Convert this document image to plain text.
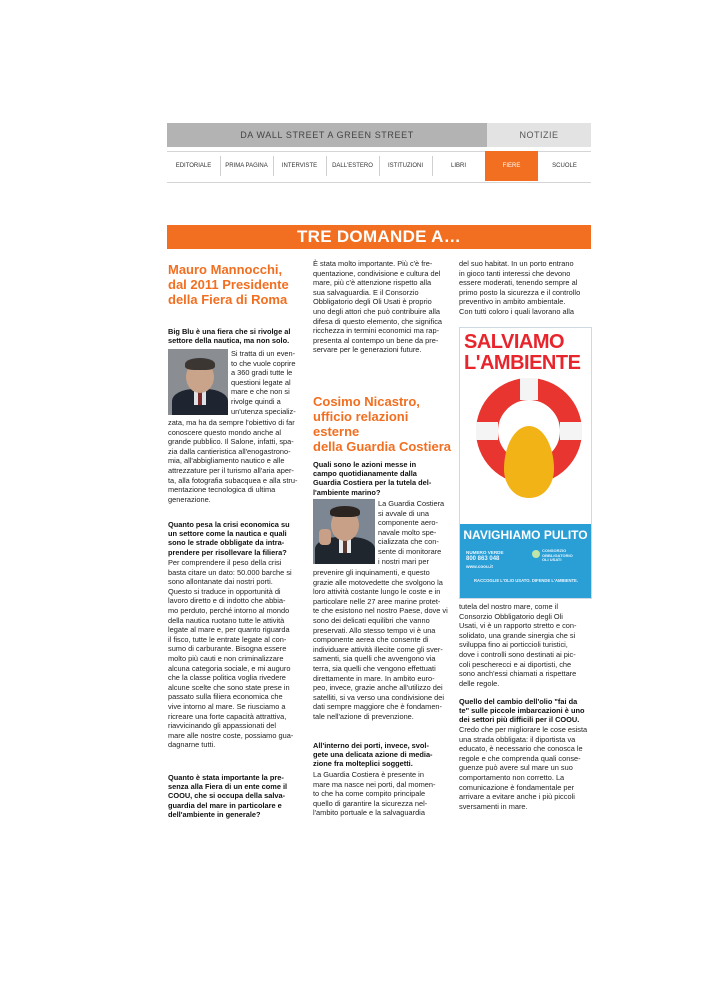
DA WALL STREET A GREEN STREET	NOTIZIE
EDITORIALE	PRIMA PAGINA	INTERVISTE	DALL'ESTERO	ISTITUZIONI	LIBRI	FIERE	SCUOLE
TRE DOMANDE A…
Mauro Mannocchi,
dal 2011 Presidente
della Fiera di Roma
Big Blu è una fiera che si rivolge al
settore della nautica, ma non solo.
Si tratta di un even-
to che vuole coprire
a 360 gradi tutte le
questioni legate al
mare e che non si
rivolge quindi a
un'utenza specializ-
zata, ma ha da sempre l'obiettivo di far
conoscere questo mondo anche al
grande pubblico. Il Salone, infatti, spa-
zia dalla cantieristica all'enogastrono-
mia, all'abbigliamento nautico e alle
attrezzature per il turismo all'aria aper-
ta, alla fotografia subacquea e alla stru-
mentazione tecnologica di ultima
generazione.
Quanto pesa la crisi economica su
un settore come la nautica e quali
sono le strade obbligate da intra-
prendere per risollevare la filiera?
Per comprendere il peso della crisi
basta citare un dato: 50.000 barche si
sono allontanate dai nostri porti.
Questo si traduce in opportunità di
lavoro diretto e di indotto che abbia-
mo perduto, perché intorno al mondo
della nautica ruotano tutte le attività
legate al mare e, per quanto riguarda
il fisco, tutte le entrate legate al con-
sumo di carburante. Bisogna essere
molto più cauti e non criminalizzare
alcuna categoria sociale, e mi auguro
che la classe politica voglia rivedere
alcune scelte che sono state prese in
passato sulla filiera economica che
vive intorno al mare. Se riusciamo a
ricreare una forte capacità attrattiva,
riavvicinando gli appassionati del
mare alle nostre coste, possiamo gua-
dagnarne tutti.
Quanto è stata importante la pre-
senza alla Fiera di un ente come il
COOU, che si occupa della salva-
guardia del mare in particolare e
dell'ambiente in generale?
È stata molto importante. Più c'è fre-
quentazione, condivisione e cultura del
mare, più c'è attenzione rispetto alla
sua salvaguardia. E il Consorzio
Obbligatorio degli Oli Usati è proprio
uno degli attori che può contribuire alla
difesa di questo elemento, che significa
ricchezza in termini economici ma rap-
presenta al contempo un bene da pre-
servare per le generazioni future.
Cosimo Nicastro,
ufficio relazioni esterne
della Guardia Costiera
Quali sono le azioni messe in
campo quotidianamente dalla
Guardia Costiera per la tutela del-
l'ambiente marino?
La Guardia Costiera
si avvale di una
componente aero-
navale molto spe-
cializzata che con-
sente di monitorare
i nostri mari per
prevenire gli inquinamenti, e questo
grazie alle motovedette che svolgono la
loro attività costante lungo le coste e in
particolare nelle 27 aree marine protet-
te che esistono nel nostro Paese, dove vi
sono dei delicati equilibri che vanno
preservati. Allo stesso tempo vi è una
componente aerea che consente di
individuare attività illecite come gli sver-
samenti, sia quelli che avvengono via
terra, sia quelli che vengono effettuati
direttamente in mare. In ambito euro-
peo, invece, grazie anche all'utilizzo dei
satelliti, si va verso una condivisione dei
dati sempre maggiore che è fondamen-
tale nell'azione di prevenzione.
All'interno dei porti, invece, svol-
gete una delicata azione di media-
zione fra molteplici soggetti.
La Guardia Costiera è presente in
mare ma nasce nei porti, dal momen-
to che ha come compito principale
quello di garantire la sicurezza nel-
l'ambito portuale e la salvaguardia
del suo habitat. In un porto entrano
in gioco tanti interessi che devono
essere moderati, tenendo sempre al
primo posto la sicurezza e il controllo
preventivo in ambito ambientale.
Con tutti coloro i quali lavorano alla
SALVIAMO
L'AMBIENTE
NAVIGHIAMO PULITO
NUMERO VERDE
800 863 048
www.coou.it
CONSORZIO
OBBLIGATORIO
OLI USATI
RACCOGLIE L'OLIO USATO. DIFENDE L'AMBIENTE.
tutela del nostro mare, come il
Consorzio Obbligatorio degli Oli
Usati, vi è un rapporto stretto e con-
solidato, una grande sinergia che si
sviluppa fino ai porticcioli turistici,
dove i controlli sono destinati ai pic-
coli pescherecci e ai diportisti, che
sono anch'essi chiamati a rispettare
delle regole.
Quello del cambio dell'olio "fai da
te" sulle piccole imbarcazioni è uno
dei settori più difficili per il COOU.
Credo che per migliorare le cose esista
una strada obbligata: il diportista va
educato, è necessario che conosca le
regole e che comprenda quali conse-
guenze può avere sul mare un suo
comportamento non corretto. La
comunicazione è fondamentale per
arrivare a evitare anche i più piccoli
sversamenti in mare.
